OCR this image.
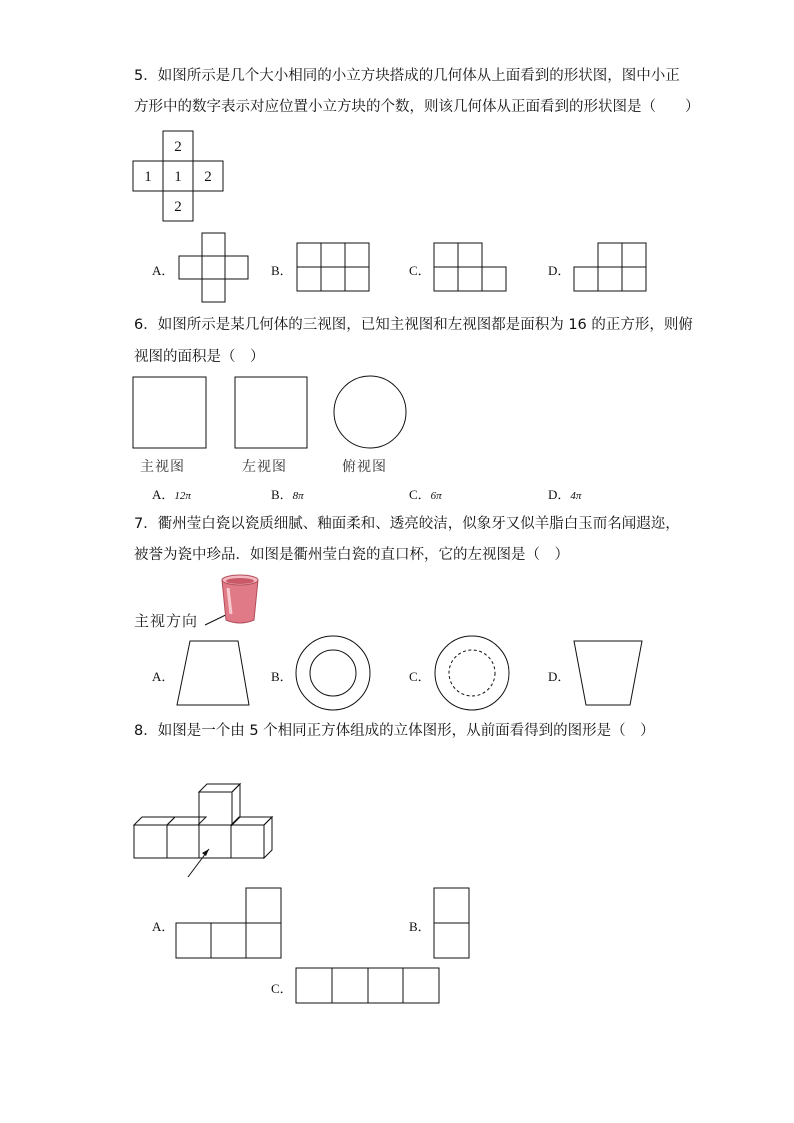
5．如图所示是几个大小相同的小立方块搭成的几何体从上面看到的形状图，图中小正
方形中的数字表示对应位置小立方块的个数，则该几何体从正面看到的形状图是（　　）
2
1 1 2
2
A．	B．	C．	D．
6．如图所示是某几何体的三视图，已知主视图和左视图都是面积为 16 的正方形，则俯
视图的面积是（　）
主视图	左视图	俯视图
A．12π	B．8π	C．6π	D．4π
7．衢州莹白瓷以瓷质细腻、釉面柔和、透亮皎洁，似象牙又似羊脂白玉而名闻遐迩，
被誉为瓷中珍品．如图是衢州莹白瓷的直口杯，它的左视图是（　）
主视方向
A．	B．	C．	D．
8．如图是一个由 5 个相同正方体组成的立体图形，从前面看得到的图形是（　）
A．	B．
C．
